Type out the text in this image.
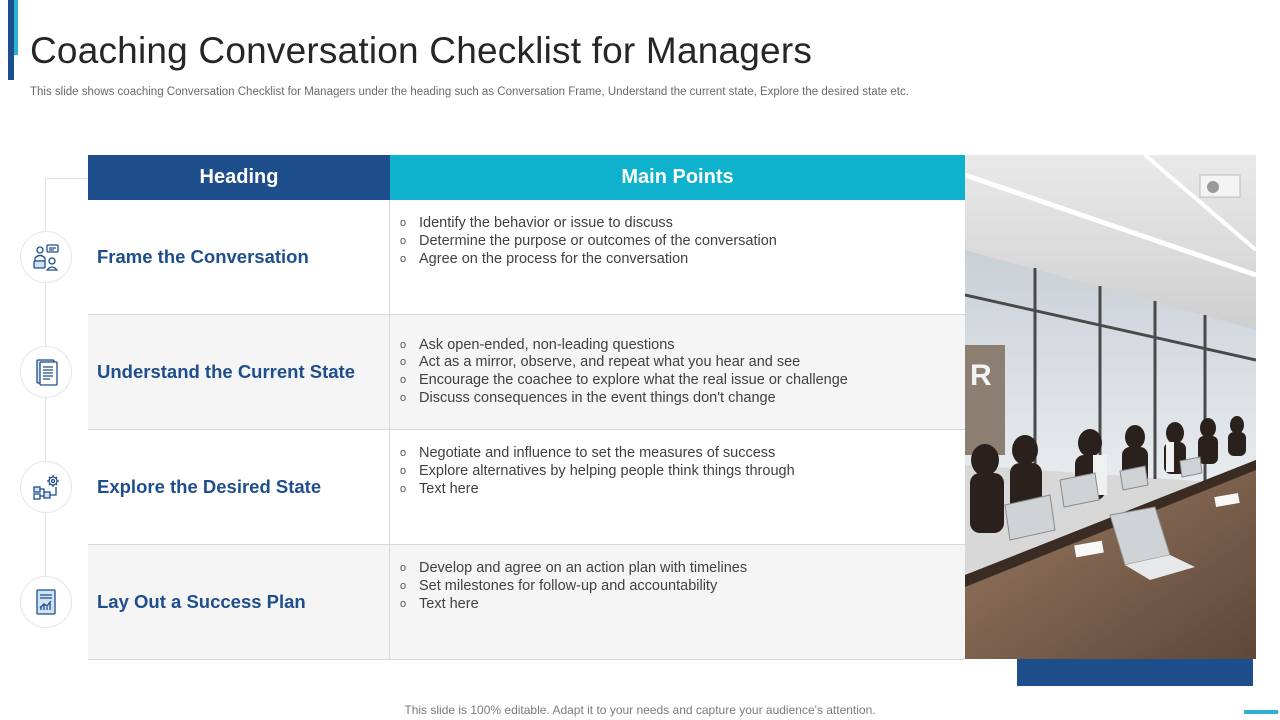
Coaching Conversation Checklist for Managers

This slide shows coaching Conversation Checklist for Managers under the heading such as Conversation Frame, Understand the current state, Explore the desired state etc.

Heading	Main Points
Frame the Conversation
o Identify the behavior or issue to discuss
o Determine the purpose or outcomes of the conversation
o Agree on the process for the conversation
Understand the Current State
o Ask open-ended, non-leading questions
o Act as a mirror, observe, and repeat what you hear and see
o Encourage the coachee to explore what the real issue or challenge
o Discuss consequences in the event things don't change
Explore the Desired State
o Negotiate and influence to set the measures of success
o Explore alternatives by helping people think things through
o Text here
Lay Out a Success Plan
o Develop and agree on an action plan with timelines
o Set milestones for follow-up and accountability
o Text here
R

This slide is 100% editable. Adapt it to your needs and capture your audience's attention.
